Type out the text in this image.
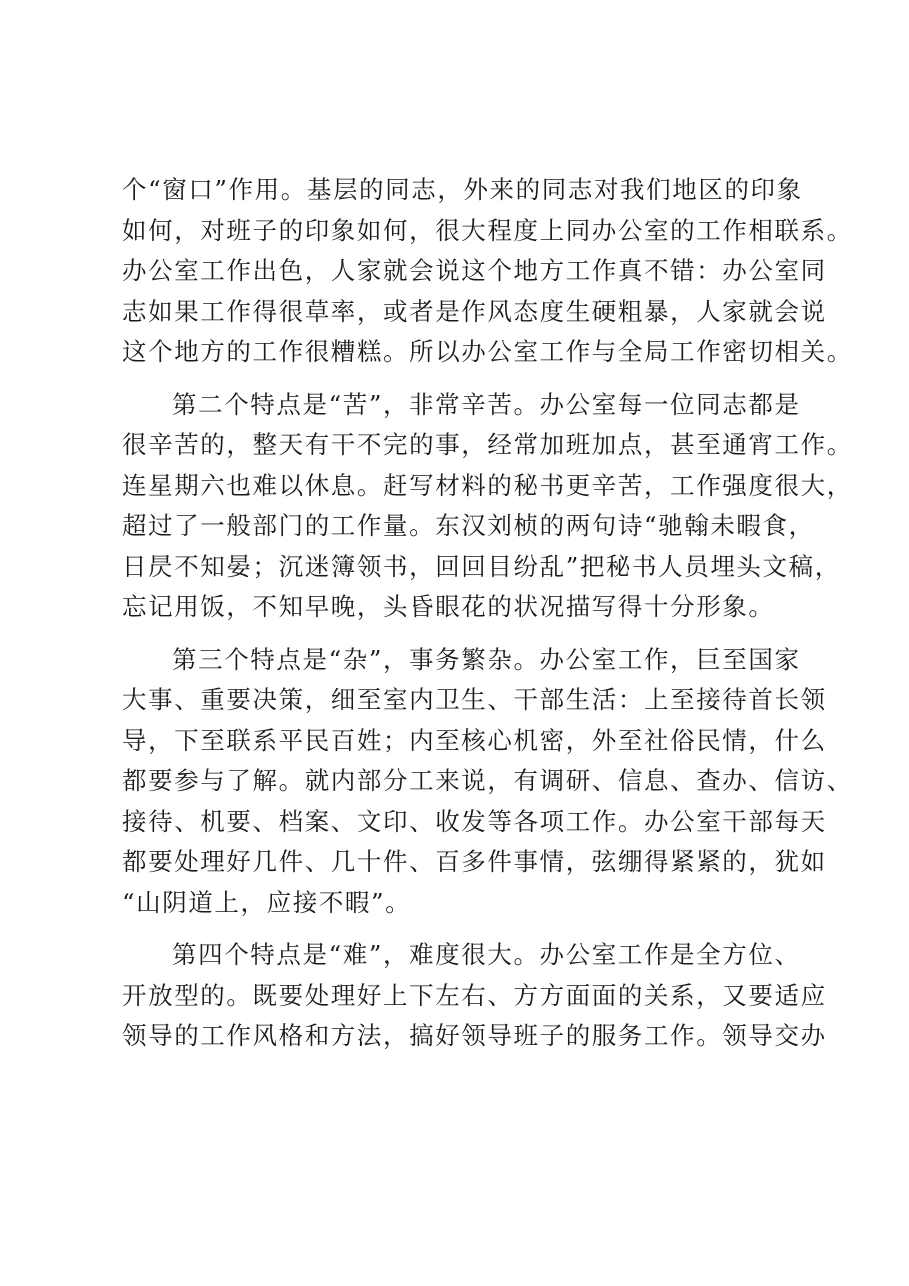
个“窗口”作用。基层的同志，外来的同志对我们地区的印象
如何，对班子的印象如何，很大程度上同办公室的工作相联系。
办公室工作出色，人家就会说这个地方工作真不错：办公室同
志如果工作得很草率，或者是作风态度生硬粗暴，人家就会说
这个地方的工作很糟糕。所以办公室工作与全局工作密切相关。

第二个特点是“苦”，非常辛苦。办公室每一位同志都是
很辛苦的，整天有干不完的事，经常加班加点，甚至通宵工作。
连星期六也难以休息。赶写材料的秘书更辛苦，工作强度很大，
超过了一般部门的工作量。东汉刘桢的两句诗“驰翰未暇食，
日昃不知晏；沉迷簿领书，回回目纷乱”把秘书人员埋头文稿，
忘记用饭，不知早晚，头昏眼花的状况描写得十分形象。

第三个特点是“杂”，事务繁杂。办公室工作，巨至国家
大事、重要决策，细至室内卫生、干部生活：上至接待首长领
导，下至联系平民百姓；内至核心机密，外至社俗民情，什么
都要参与了解。就内部分工来说，有调研、信息、查办、信访、
接待、机要、档案、文印、收发等各项工作。办公室干部每天
都要处理好几件、几十件、百多件事情，弦绷得紧紧的，犹如
“山阴道上，应接不暇”。

第四个特点是“难”，难度很大。办公室工作是全方位、
开放型的。既要处理好上下左右、方方面面的关系，又要适应
领导的工作风格和方法，搞好领导班子的服务工作。领导交办
